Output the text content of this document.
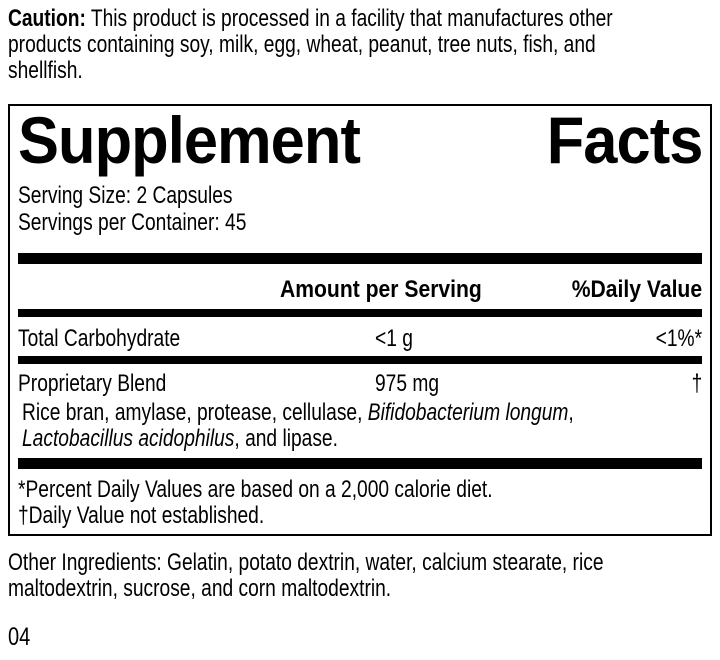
Caution: This product is processed in a facility that manufactures other
products containing soy, milk, egg, wheat, peanut, tree nuts, fish, and
shellfish.
Supplement	Facts
Serving Size: 2 Capsules
Servings per Container: 45
Amount per Serving	%Daily Value
Total Carbohydrate	<1 g	<1%*
Proprietary Blend	975 mg	†
Rice bran, amylase, protease, cellulase, Bifidobacterium longum,
Lactobacillus acidophilus, and lipase.
*Percent Daily Values are based on a 2,000 calorie diet.
†Daily Value not established.
Other Ingredients: Gelatin, potato dextrin, water, calcium stearate, rice
maltodextrin, sucrose, and corn maltodextrin.
04
